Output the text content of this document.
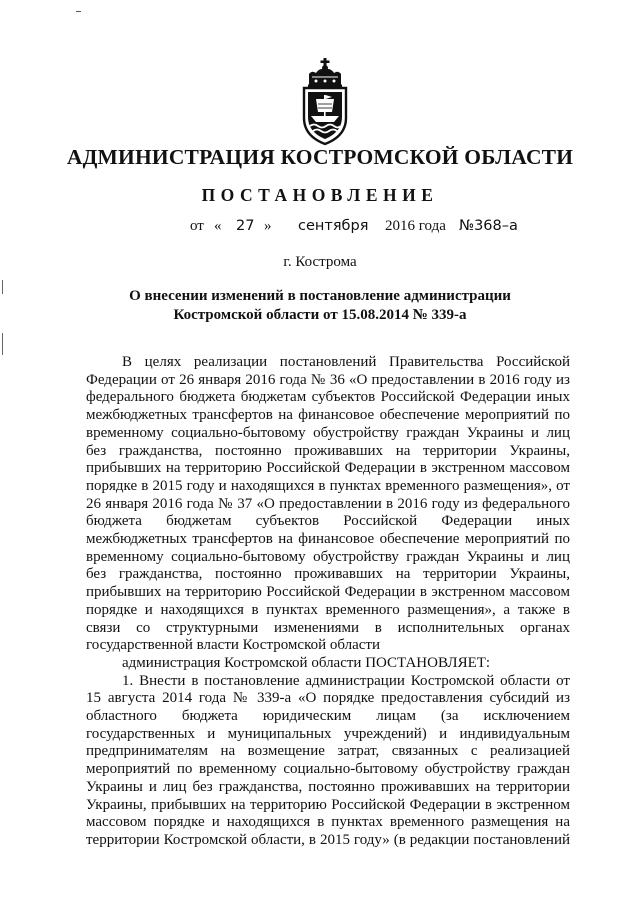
АДМИНИСТРАЦИЯ КОСТРОМСКОЙ ОБЛАСТИ
ПОСТАНОВЛЕНИЕ
от « 27 » сентября 2016 года №368–а
г. Кострома
О внесении изменений в постановление администрации
Костромской области от 15.08.2014 № 339-а
В целях реализации постановлений Правительства Российской
Федерации от 26 января 2016 года № 36 «О предоставлении в 2016 году из
федерального бюджета бюджетам субъектов Российской Федерации иных
межбюджетных трансфертов на финансовое обеспечение мероприятий по
временному социально-бытовому обустройству граждан Украины и лиц
без гражданства, постоянно проживавших на территории Украины,
прибывших на территорию Российской Федерации в экстренном массовом
порядке в 2015 году и находящихся в пунктах временного размещения», от
26 января 2016 года № 37 «О предоставлении в 2016 году из федерального
бюджета бюджетам субъектов Российской Федерации иных
межбюджетных трансфертов на финансовое обеспечение мероприятий по
временному социально-бытовому обустройству граждан Украины и лиц
без гражданства, постоянно проживавших на территории Украины,
прибывших на территорию Российской Федерации в экстренном массовом
порядке и находящихся в пунктах временного размещения», а также в
связи со структурными изменениями в исполнительных органах
государственной власти Костромской области
администрация Костромской области ПОСТАНОВЛЯЕТ:
1. Внести в постановление администрации Костромской области от
15 августа 2014 года № 339-а «О порядке предоставления субсидий из
областного бюджета юридическим лицам (за исключением
государственных и муниципальных учреждений) и индивидуальным
предпринимателям на возмещение затрат, связанных с реализацией
мероприятий по временному социально-бытовому обустройству граждан
Украины и лиц без гражданства, постоянно проживавших на территории
Украины, прибывших на территорию Российской Федерации в экстренном
массовом порядке и находящихся в пунктах временного размещения на
территории Костромской области, в 2015 году» (в редакции постановлений
